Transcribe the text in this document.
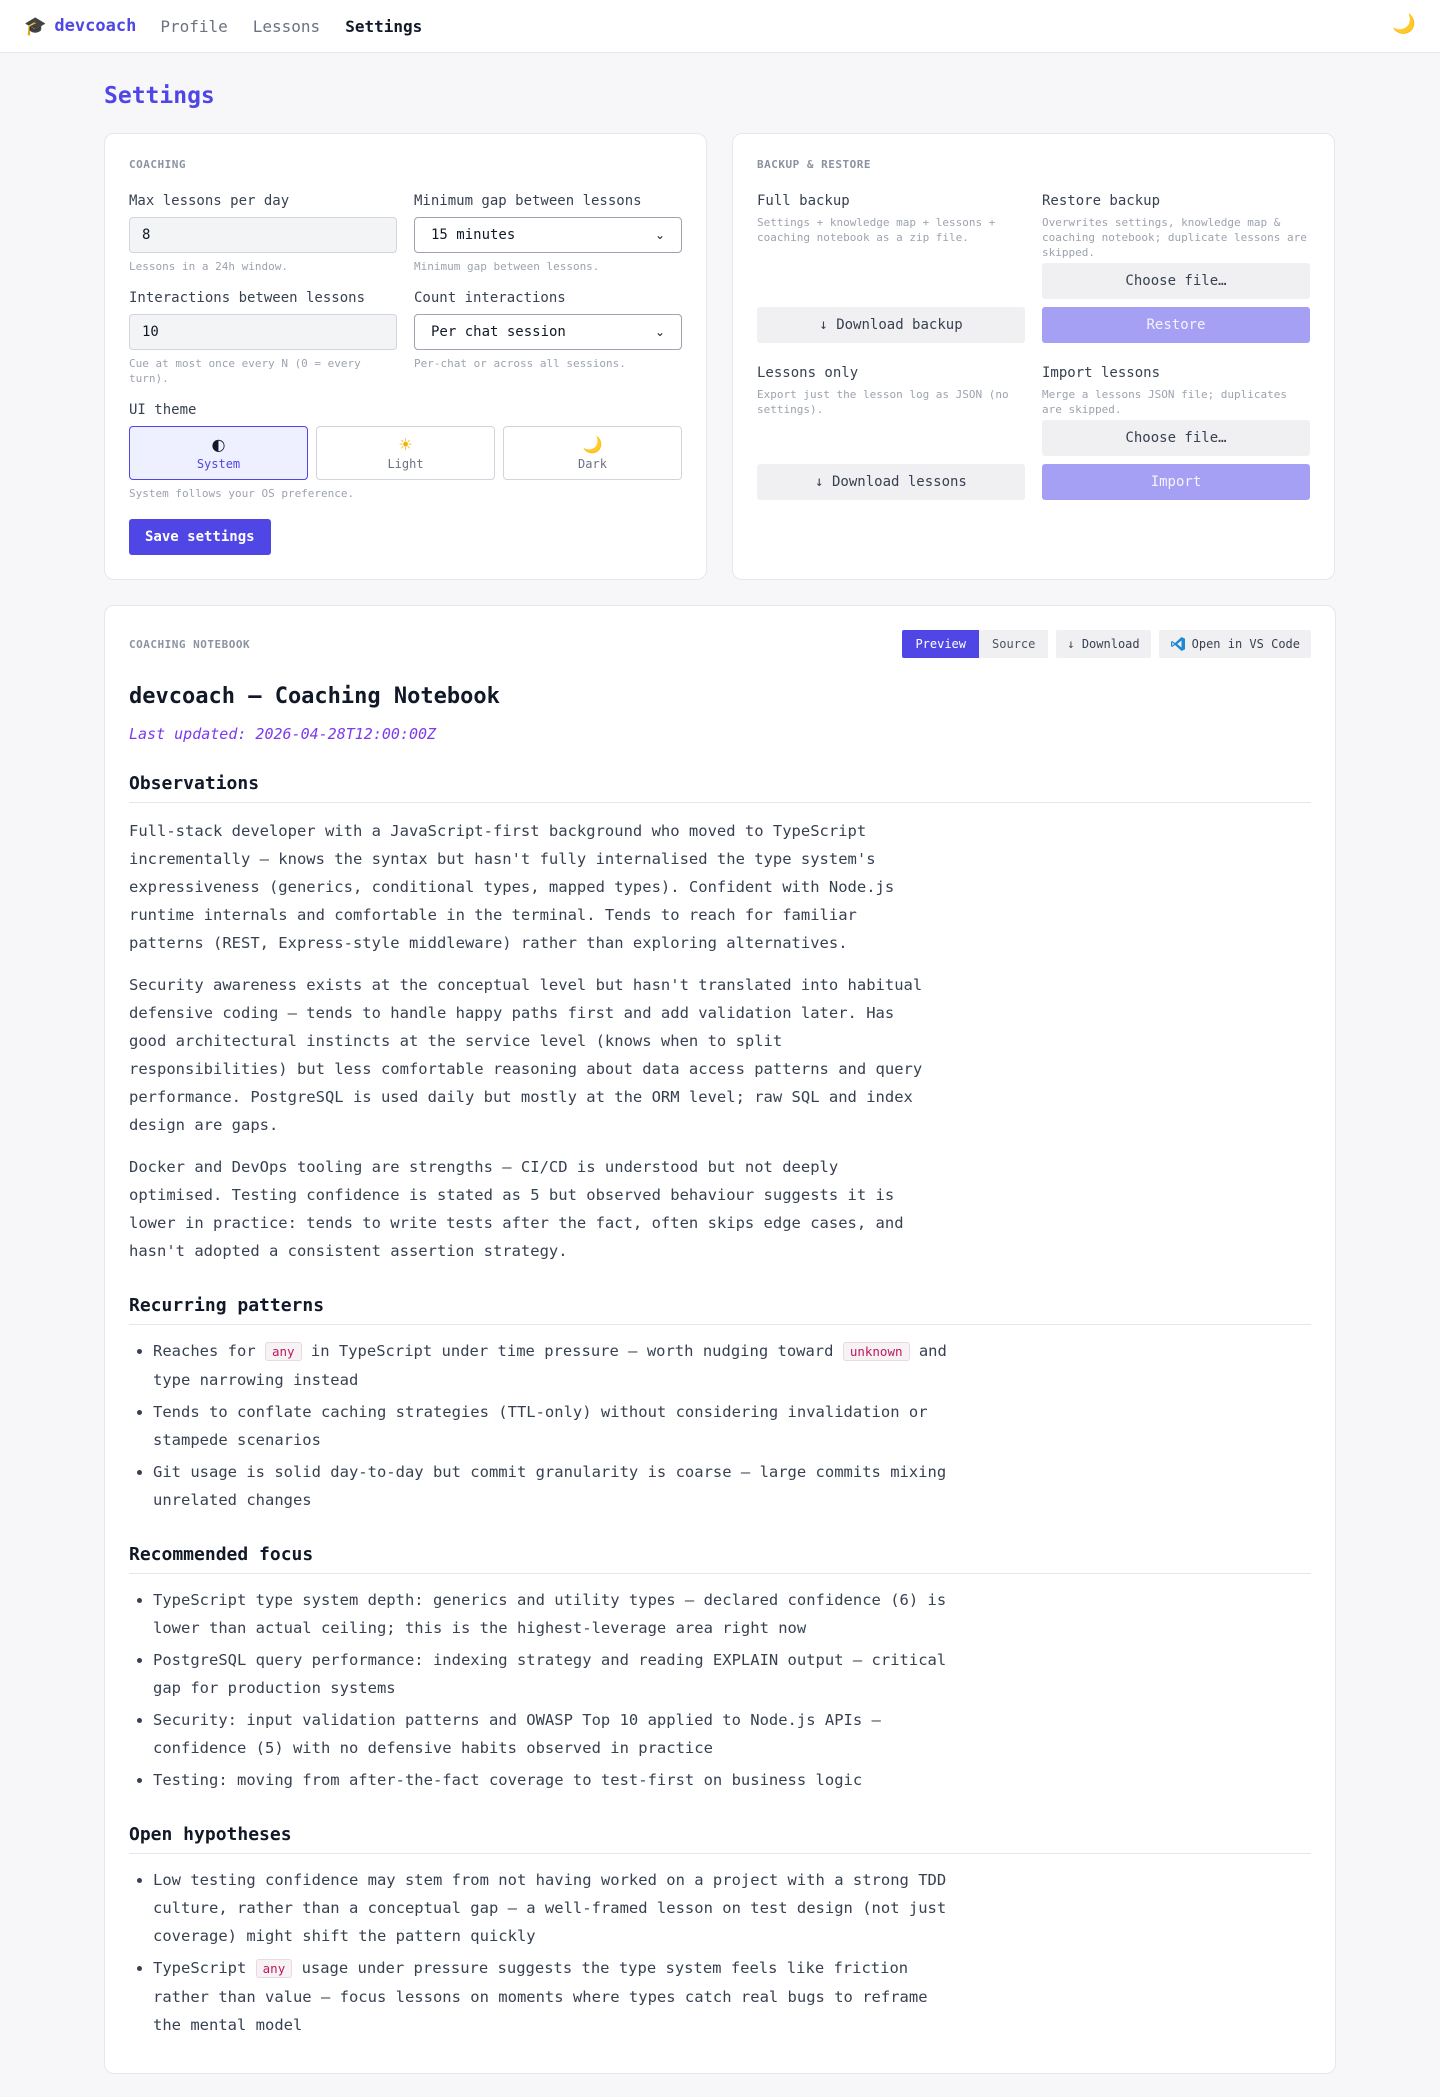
🎓 devcoach Profile Lessons Settings	🌙
Settings
COACHING
Max lessons per day
8
Lessons in a 24h window.
Minimum gap between lessons
15 minutes	⌄
Minimum gap between lessons.
Interactions between lessons
10
Cue at most once every N (0 = every turn).
Count interactions
Per chat session	⌄
Per-chat or across all sessions.
UI theme
◐
System
☀
Light
🌙
Dark
System follows your OS preference.
Save settings
BACKUP & RESTORE
Full backup
Settings + knowledge map + lessons + coaching notebook as a zip file.
↓ Download backup
Restore backup
Overwrites settings, knowledge map & coaching notebook; duplicate lessons are skipped.
Choose file…
Restore
Lessons only
Export just the lesson log as JSON (no settings).
↓ Download lessons
Import lessons
Merge a lessons JSON file; duplicates are skipped.
Choose file…
Import
COACHING NOTEBOOK	Preview	Source	↓ Download	Open in VS Code
devcoach — Coaching Notebook
Last updated: 2026-04-28T12:00:00Z
Observations

Full-stack developer with a JavaScript-first background who moved to TypeScript incrementally — knows the syntax but hasn't fully internalised the type system's expressiveness (generics, conditional types, mapped types). Confident with Node.js runtime internals and comfortable in the terminal. Tends to reach for familiar patterns (REST, Express-style middleware) rather than exploring alternatives.

Security awareness exists at the conceptual level but hasn't translated into habitual defensive coding — tends to handle happy paths first and add validation later. Has good architectural instincts at the service level (knows when to split responsibilities) but less comfortable reasoning about data access patterns and query performance. PostgreSQL is used daily but mostly at the ORM level; raw SQL and index design are gaps.

Docker and DevOps tooling are strengths — CI/CD is understood but not deeply optimised. Testing confidence is stated as 5 but observed behaviour suggests it is lower in practice: tends to write tests after the fact, often skips edge cases, and hasn't adopted a consistent assertion strategy.

Recurring patterns
• Reaches for any in TypeScript under time pressure — worth nudging toward unknown and type narrowing instead
• Tends to conflate caching strategies (TTL-only) without considering invalidation or stampede scenarios
• Git usage is solid day-to-day but commit granularity is coarse — large commits mixing unrelated changes
Recommended focus
• TypeScript type system depth: generics and utility types — declared confidence (6) is lower than actual ceiling; this is the highest-leverage area right now
• PostgreSQL query performance: indexing strategy and reading EXPLAIN output — critical gap for production systems
• Security: input validation patterns and OWASP Top 10 applied to Node.js APIs — confidence (5) with no defensive habits observed in practice
• Testing: moving from after-the-fact coverage to test-first on business logic
Open hypotheses
• Low testing confidence may stem from not having worked on a project with a strong TDD culture, rather than a conceptual gap — a well-framed lesson on test design (not just coverage) might shift the pattern quickly
• TypeScript any usage under pressure suggests the type system feels like friction rather than value — focus lessons on moments where types catch real bugs to reframe the mental model
